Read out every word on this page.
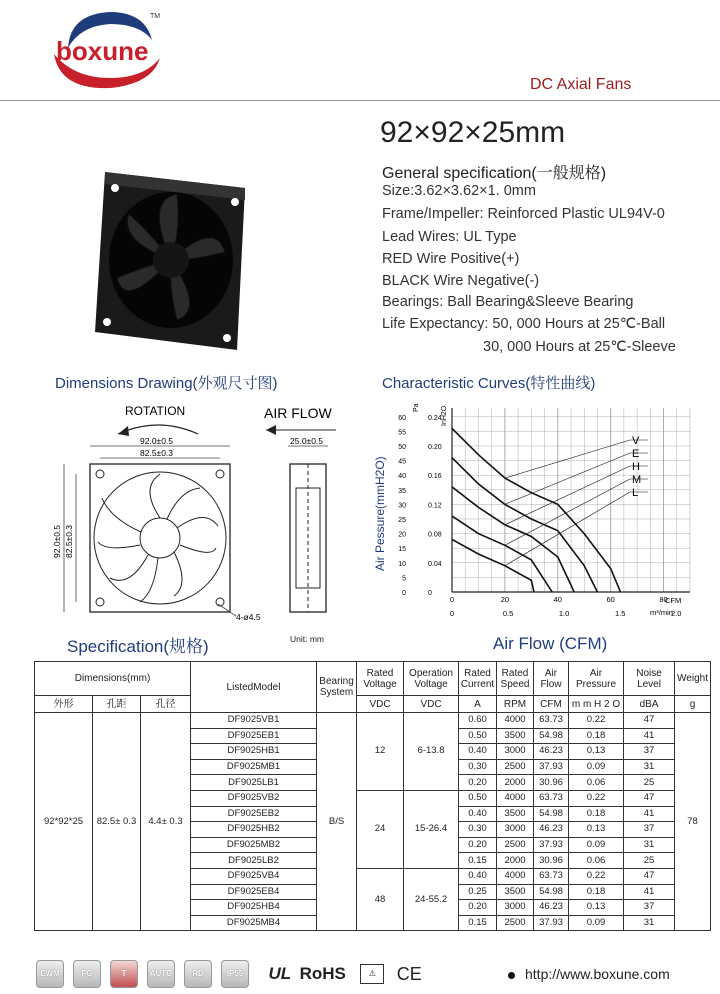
boxune
TM
DC Axial Fans
92×92×25mm
General specification(一般规格)
Size:3.62×3.62×1. 0mm
Frame/Impeller: Reinforced Plastic UL94V-0
Lead Wires: UL Type
RED Wire Positive(+)
BLACK Wire Negative(-)
Bearings: Ball Bearing&Sleeve Bearing
Life Expectancy: 50, 000 Hours at 25℃-Ball
30, 000 Hours at 25℃-Sleeve
Dimensions Drawing(外观尺寸图)	Characteristic Curves(特性曲线)
ROTATION	AIR FLOW
92.0±0.5
82.5±0.3
92.0±0.5 82.5±0.3
4-ø4.5
25.0±0.5
Air Pessure(mmH2O)
Pa	InH2O
CFM
m³/min
0
5
10
15
20
25
30
35
40
45
50
55
60
0
0.04
0.08
0.12
0.16
0.20
0.24
0	20	40	60	80
0	0.5	1.0	1.5	2.0
V
E
H
M
L
Specification(规格)	Unit: mm	Air Flow (CFM)
Dimensions(mm)			ListedModel	Bearing System	Rated Voltage	Operation Voltage	Rated Current	Rated Speed	Air Flow	Air Pressure	Noise Level	Weight
外形	孔距	孔径			VDC	VDC	A	RPM	CFM	m m H 2 O	dBA	g
92*92*25	82.5± 0.3	4.4± 0.3	DF9025VB1	B/S	12	6-13.8	0.60	4000	63.73	0.22	47	78
			DF9025EB1				0.50	3500	54.98	0.18	41	
			DF9025HB1				0.40	3000	46.23	0.13	37	
			DF9025MB1				0.30	2500	37.93	0.09	31	
			DF9025LB1				0.20	2000	30.96	0.06	25	
			DF9025VB2		24	15-26.4	0.50	4000	63.73	0.22	47	
			DF9025EB2				0.40	3500	54.98	0.18	41	
			DF9025HB2				0.30	3000	46.23	0.13	37	
			DF9025MB2				0.20	2500	37.93	0.09	31	
			DF9025LB2				0.15	2000	30.96	0.06	25	
			DF9025VB4		48	24-55.2	0.40	4000	63.73	0.22	47	
			DF9025EB4				0.25	3500	54.98	0.18	41	
			DF9025HB4				0.20	3000	46.23	0.13	37	
			DF9025MB4				0.15	2500	37.93	0.09	31	
EWM	FG	T	AUTO RD	IP55 UL RoHS	⚠ CE	http://www.boxune.com
